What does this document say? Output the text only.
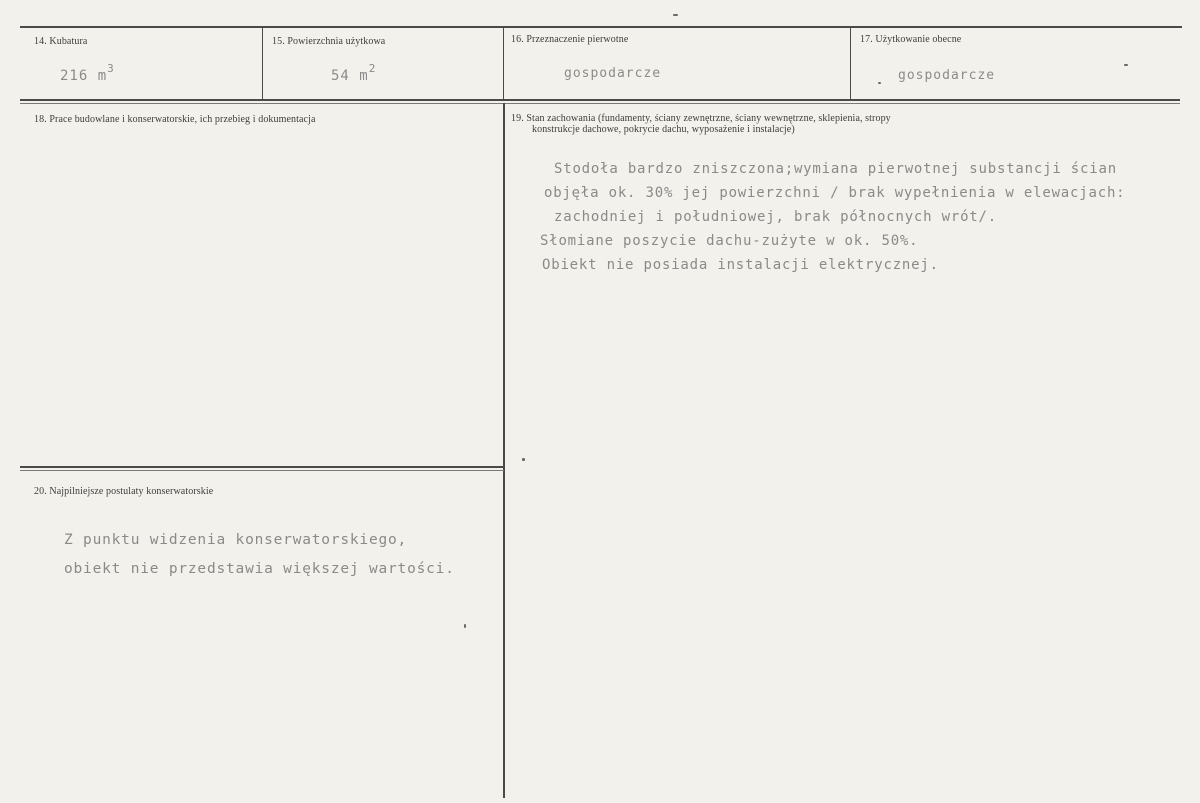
14. Kubatura
216 $m^3$
15. Powierzchnia użytkowa
54 $m^2$
16. Przeznaczenie pierwotne
gospodarcze
17. Użytkowanie obecne
gospodarcze
18. Prace budowlane i konserwatorskie, ich przebieg i dokumentacja	19. Stan zachowania (fundamenty, ściany zewnętrzne, ściany wewnętrzne, sklepienia, stropy
konstrukcje dachowe, pokrycie dachu, wyposażenie i instalacje)
Stodoła bardzo zniszczona;wymiana pierwotnej substancji ścian
objęła ok. 30% jej powierzchni / brak wypełnienia w elewacjach:
zachodniej i południowej, brak północnych wrót/.
Słomiane poszycie dachu-zużyte w ok. 50%.
Obiekt nie posiada instalacji elektrycznej.
20. Najpilniejsze postulaty konserwatorskie
Z punktu widzenia konserwatorskiego,
obiekt nie przedstawia większej wartości.
